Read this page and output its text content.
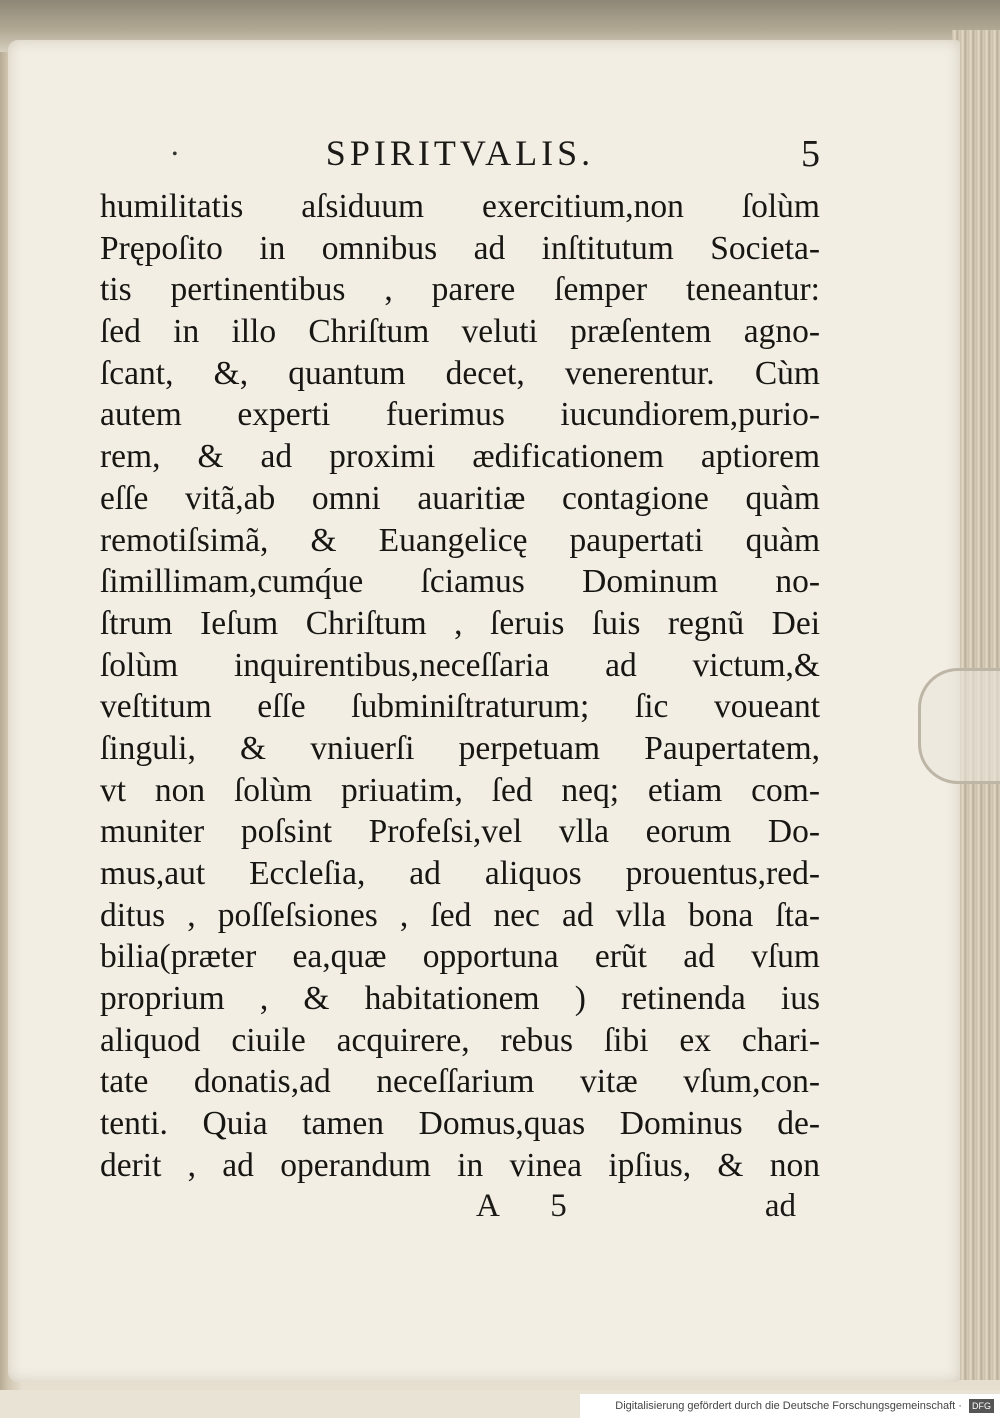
•	SPIRITVALIS.	5
humilitatis aſsiduum exercitium,non ſolùm
Prępoſito in omnibus ad inſtitutum Societa-
tis pertinentibus , parere ſemper teneantur:
ſed in illo Chriſtum veluti præſentem agno-
ſcant, &, quantum decet, venerentur. Cùm
autem experti fuerimus iucundiorem,purio-
rem, & ad proximi ædificationem aptiorem
eſſe vitã,ab omni auaritiæ contagione quàm
remotiſsimã, & Euangelicę paupertati quàm
ſimillimam,cumq́ue ſciamus Dominum no-
ſtrum Ieſum Chriſtum , ſeruis ſuis regnũ Dei
ſolùm inquirentibus,neceſſaria ad victum,&
veſtitum eſſe ſubminiſtraturum; ſic voueant
ſinguli, & vniuerſi perpetuam Paupertatem,
vt non ſolùm priuatim, ſed neq; etiam com-
muniter poſsint Profeſsi,vel vlla eorum Do-
mus,aut Eccleſia, ad aliquos prouentus,red-
ditus , poſſeſsiones , ſed nec ad vlla bona ſta-
bilia(præter ea,quæ opportuna erũt ad vſum
proprium , & habitationem ) retinenda ius
aliquod ciuile acquirere, rebus ſibi ex chari-
tate donatis,ad neceſſarium vitæ vſum,con-
tenti. Quia tamen Domus,quas Dominus de-
derit , ad operandum in vinea ipſius, & non
A 5	ad
Digitalisierung gefördert durch die Deutsche Forschungsgemeinschaft · DFG
